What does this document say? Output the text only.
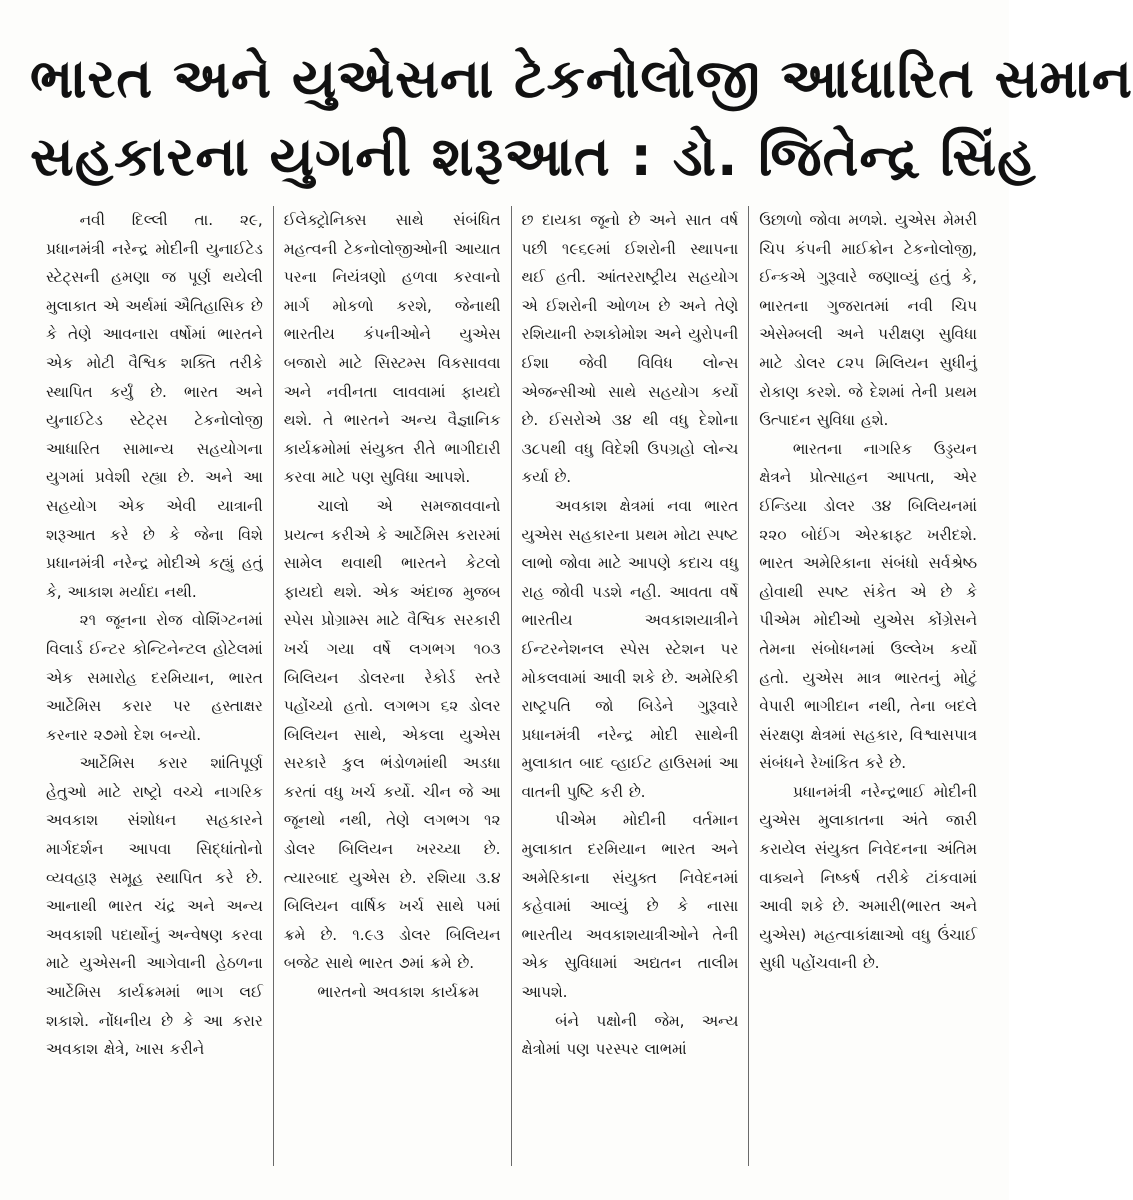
ભારત અને યુએસના ટેકનોલોજી આધારિત સમાન
સહકારના યુગની શરૂઆત : ડો. જિતેન્દ્ર સિંહ

નવી દિલ્લી તા. ૨૯, પ્રધાનમંત્રી નરેન્દ્ર મોદીની યુનાઈટેડ સ્ટેટ્સની હમણા જ પૂર્ણ થયેલી મુલાકાત એ અર્થમાં ઐતિહાસિક છે કે તેણે આવનારા વર્ષોમાં ભારતને એક મોટી વૈશ્વિક શક્તિ તરીકે સ્થાપિત કર્યું છે. ભારત અને યુનાઈટેડ સ્ટેટ્સ ટેકનોલોજી આધારિત સામાન્ય સહયોગના યુગમાં પ્રવેશી રહ્યા છે. અને આ સહયોગ એક એવી યાત્રાની શરૂઆત કરે છે કે જેના વિશે પ્રધાનમંત્રી નરેન્દ્ર મોદીએ કહ્યું હતું કે, આકાશ મર્યાદા નથી.

૨૧ જૂનના રોજ વોશિંગ્ટનમાં વિલાર્ડ ઈન્ટર કોન્ટિનેન્ટલ હોટેલમાં એક સમારોહ દરમિયાન, ભારત આર્ટેમિસ કરાર પર હસ્તાક્ષર કરનાર ૨૭મો દેશ બન્યો.

આર્ટેમિસ કરાર શાંતિપૂર્ણ હેતુઓ માટે રાષ્ટ્રો વચ્ચે નાગરિક અવકાશ સંશોધન સહકારને માર્ગદર્શન આપવા સિદ્ધાંતોનો વ્યવહારૂ સમૂહ સ્થાપિત કરે છે. આનાથી ભારત ચંદ્ર અને અન્ય અવકાશી પદાર્થોનું અન્વેષણ કરવા માટે યુએસની આગેવાની હેઠળના આર્ટેમિસ કાર્યક્રમમાં ભાગ લઈ શકાશે. નોંધનીય છે કે આ કરાર અવકાશ ક્ષેત્રે, ખાસ કરીને

ઈલેક્ટ્રોનિક્સ સાથે સંબંધિત મહત્વની ટેકનોલોજીઓની આયાત પરના નિયંત્રણો હળવા કરવાનો માર્ગ મોકળો કરશે, જેનાથી ભારતીય કંપનીઓને યુએસ બજારો માટે સિસ્ટમ્સ વિકસાવવા અને નવીનતા લાવવામાં ફાયદો થશે. તે ભારતને અન્ય વૈજ્ઞાનિક કાર્યક્રમોમાં સંયુક્ત રીતે ભાગીદારી કરવા માટે પણ સુવિધા આપશે.

ચાલો એ સમજાવવાનો પ્રયત્ન કરીએ કે આર્ટેમિસ કરારમાં સામેલ થવાથી ભારતને કેટલો ફાયદો થશે. એક અંદાજ મુજબ સ્પેસ પ્રોગ્રામ્સ માટે વૈશ્વિક સરકારી ખર્ચ ગયા વર્ષે લગભગ ૧૦૩ બિલિયન ડોલરના રેકોર્ડ સ્તરે પહોંચ્યો હતો. લગભગ ૬૨ ડોલર બિલિયન સાથે, એકલા યુએસ સરકારે કુલ ભંડોળમાંથી અડધા કરતાં વધુ ખર્ચ કર્યો. ચીન જે આ જૂનથો નથી, તેણે લગભગ ૧૨ ડોલર બિલિયન ખરચ્યા છે. ત્યારબાદ યુએસ છે. રશિયા ૩.૪ બિલિયન વાર્ષિક ખર્ચ સાથે પમાં ક્રમે છે. ૧.૯૩ ડોલર બિલિયન બજેટ સાથે ભારત ૭માં ક્રમે છે.

ભારતનો અવકાશ કાર્યક્રમ

છ દાયકા જૂનો છે અને સાત વર્ષ પછી ૧૯૬૯માં ઈશરોની સ્થાપના થઈ હતી. આંતરરાષ્ટ્રીય સહયોગ એ ઈશરોની ઓળખ છે અને તેણે રશિયાની રુશકોમોશ અને યુરોપની ઈશા જેવી વિવિધ લોન્સ એજન્સીઓ સાથે સહયોગ કર્યો છે. ઈસરોએ ૩૪ થી વધુ દેશોના ૩૮૫થી વધુ વિદેશી ઉપગ્રહો લોન્ચ કર્યા છે.

અવકાશ ક્ષેત્રમાં નવા ભારત યુએસ સહકારના પ્રથમ મોટા સ્પષ્ટ લાભો જોવા માટે આપણે કદાચ વધુ રાહ જોવી પડશે નહી. આવતા વર્ષે ભારતીય અવકાશયાત્રીને ઈન્ટરનેશનલ સ્પેસ સ્ટેશન પર મોકલવામાં આવી શકે છે. અમેરિકી રાષ્ટ્રપતિ જો બિડેને ગુરૂવારે પ્રધાનમંત્રી નરેન્દ્ર મોદી સાથેની મુલાકાત બાદ વ્હાઈટ હાઉસમાં આ વાતની પુષ્ટિ કરી છે.

પીએમ મોદીની વર્તમાન મુલાકાત દરમિયાન ભારત અને અમેરિકાના સંયુક્ત નિવેદનમાં કહેવામાં આવ્યું છે કે નાસા ભારતીય અવકાશયાત્રીઓને તેની એક સુવિધામાં અદ્યતન તાલીમ આપશે.

બંને પક્ષોની જેમ, અન્ય ક્ષેત્રોમાં પણ પરસ્પર લાભમાં

ઉછાળો જોવા મળશે. યુએસ મેમરી ચિપ કંપની માઈક્રોન ટેકનોલોજી, ઈન્કએ ગુરૂવારે જણાવ્યું હતું કે, ભારતના ગુજરાતમાં નવી ચિપ એસેમ્બલી અને પરીક્ષણ સુવિધા માટે ડોલર ૮૨૫ મિલિયન સુધીનું રોકાણ કરશે. જે દેશમાં તેની પ્રથમ ઉત્પાદન સુવિધા હશે.

ભારતના નાગરિક ઉડ્ડયન ક્ષેત્રને પ્રોત્સાહન આપતા, એર ઈન્ડિયા ડોલર ૩૪ બિલિયનમાં ૨૨૦ બોઈંગ એરક્રાફ્ટ ખરીદશે. ભારત અમેરિકાના સંબંધો સર્વશ્રેષ્ઠ હોવાથી સ્પષ્ટ સંકેત એ છે કે પીએમ મોદીઓ યુએસ કોંગ્રેસને તેમના સંબોધનમાં ઉલ્લેખ કર્યો હતો. યુએસ માત્ર ભારતનું મોટું વેપારી ભાગીદાન નથી, તેના બદલે સંરક્ષણ ક્ષેત્રમાં સહકાર, વિશ્વાસપાત્ર સંબંધને રેખાંકિત કરે છે.

પ્રધાનમંત્રી નરેન્દ્રભાઈ મોદીની યુએસ મુલાકાતના અંતે જારી કરાયેલ સંયુક્ત નિવેદનના અંતિમ વાક્યને નિષ્કર્ષ તરીકે ટાંકવામાં આવી શકે છે. અમારી(ભારત અને યુએસ) મહત્વાકાંક્ષાઓ વધુ ઉંચાઈ સુધી પહોંચવાની છે.
